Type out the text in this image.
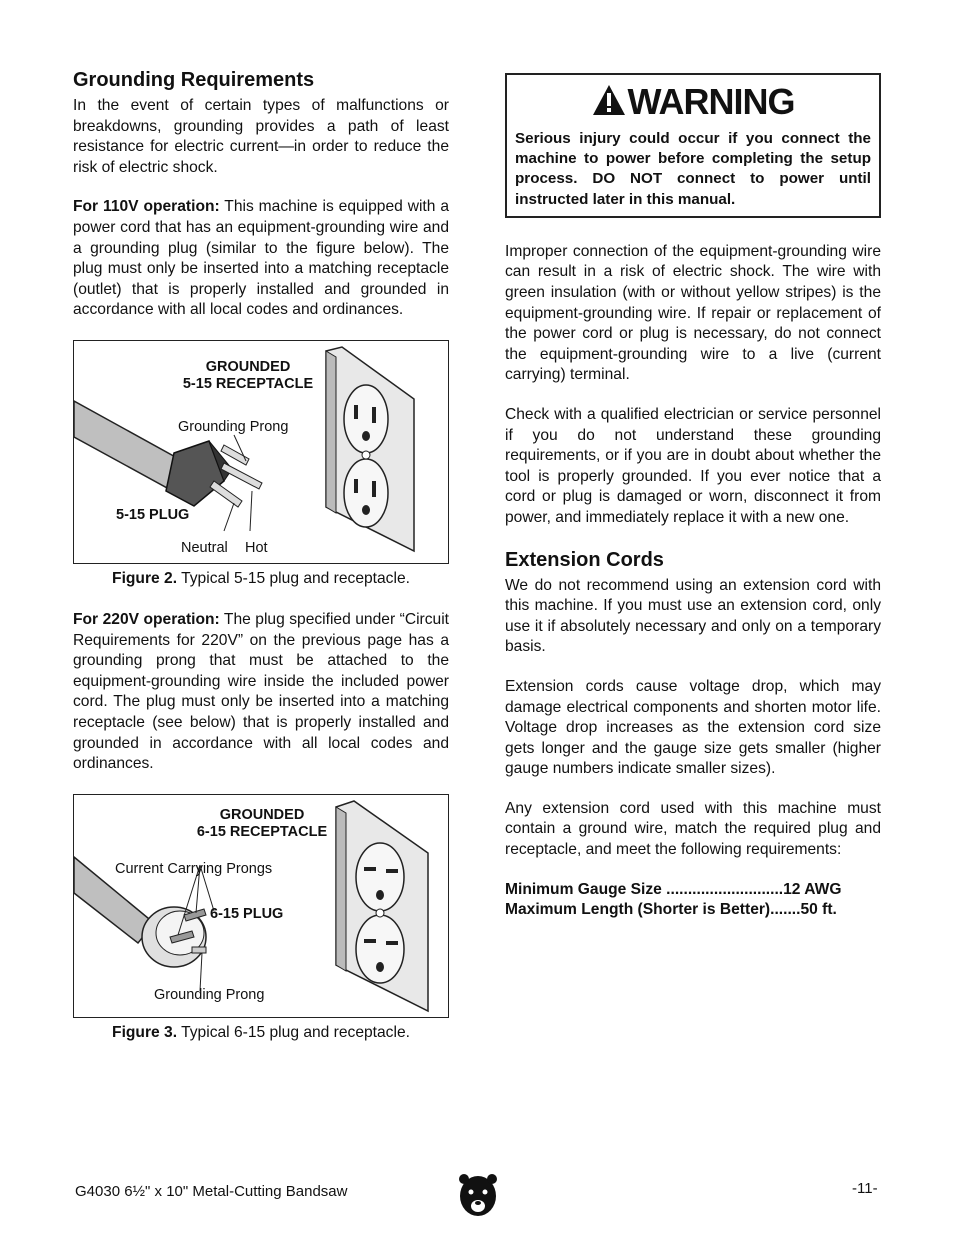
Grounding Requirements

In the event of certain types of malfunctions or breakdowns, grounding provides a path of least resistance for electric current—in order to reduce the risk of electric shock.

For 110V operation: This machine is equipped with a power cord that has an equipment-grounding wire and a grounding plug (similar to the figure below). The plug must only be inserted into a matching receptacle (outlet) that is properly installed and grounded in accordance with all local codes and ordinances.

GROUNDED
5-15 RECEPTACLE
Grounding Prong
5-15 PLUG
Neutral Hot
Figure 2. Typical 5-15 plug and receptacle.

For 220V operation: The plug specified under “Circuit Requirements for 220V” on the previous page has a grounding prong that must be attached to the equipment-grounding wire inside the included power cord. The plug must only be inserted into a matching receptacle (see below) that is properly installed and grounded in accordance with all local codes and ordinances.

GROUNDED
6-15 RECEPTACLE
Current Carrying Prongs
6-15 PLUG
Grounding Prong
Figure 3. Typical 6-15 plug and receptacle.
WARNING
Serious injury could occur if you connect the machine to power before completing the setup process. DO NOT connect to power until instructed later in this manual.

Improper connection of the equipment-grounding wire can result in a risk of electric shock. The wire with green insulation (with or without yellow stripes) is the equipment-grounding wire. If repair or replacement of the power cord or plug is necessary, do not connect the equipment-grounding wire to a live (current carrying) terminal.

Check with a qualified electrician or service personnel if you do not understand these grounding requirements, or if you are in doubt about whether the tool is properly grounded. If you ever notice that a cord or plug is damaged or worn, disconnect it from power, and immediately replace it with a new one.

Extension Cords

We do not recommend using an extension cord with this machine. If you must use an extension cord, only use it if absolutely necessary and only on a temporary basis.

Extension cords cause voltage drop, which may damage electrical components and shorten motor life. Voltage drop increases as the extension cord size gets longer and the gauge size gets smaller (higher gauge numbers indicate smaller sizes).

Any extension cord used with this machine must contain a ground wire, match the required plug and receptacle, and meet the following requirements:

Minimum Gauge Size ...........................12 AWG
Maximum Length (Shorter is Better).......50 ft.
G4030 6½" x 10" Metal-Cutting Bandsaw	-11-
